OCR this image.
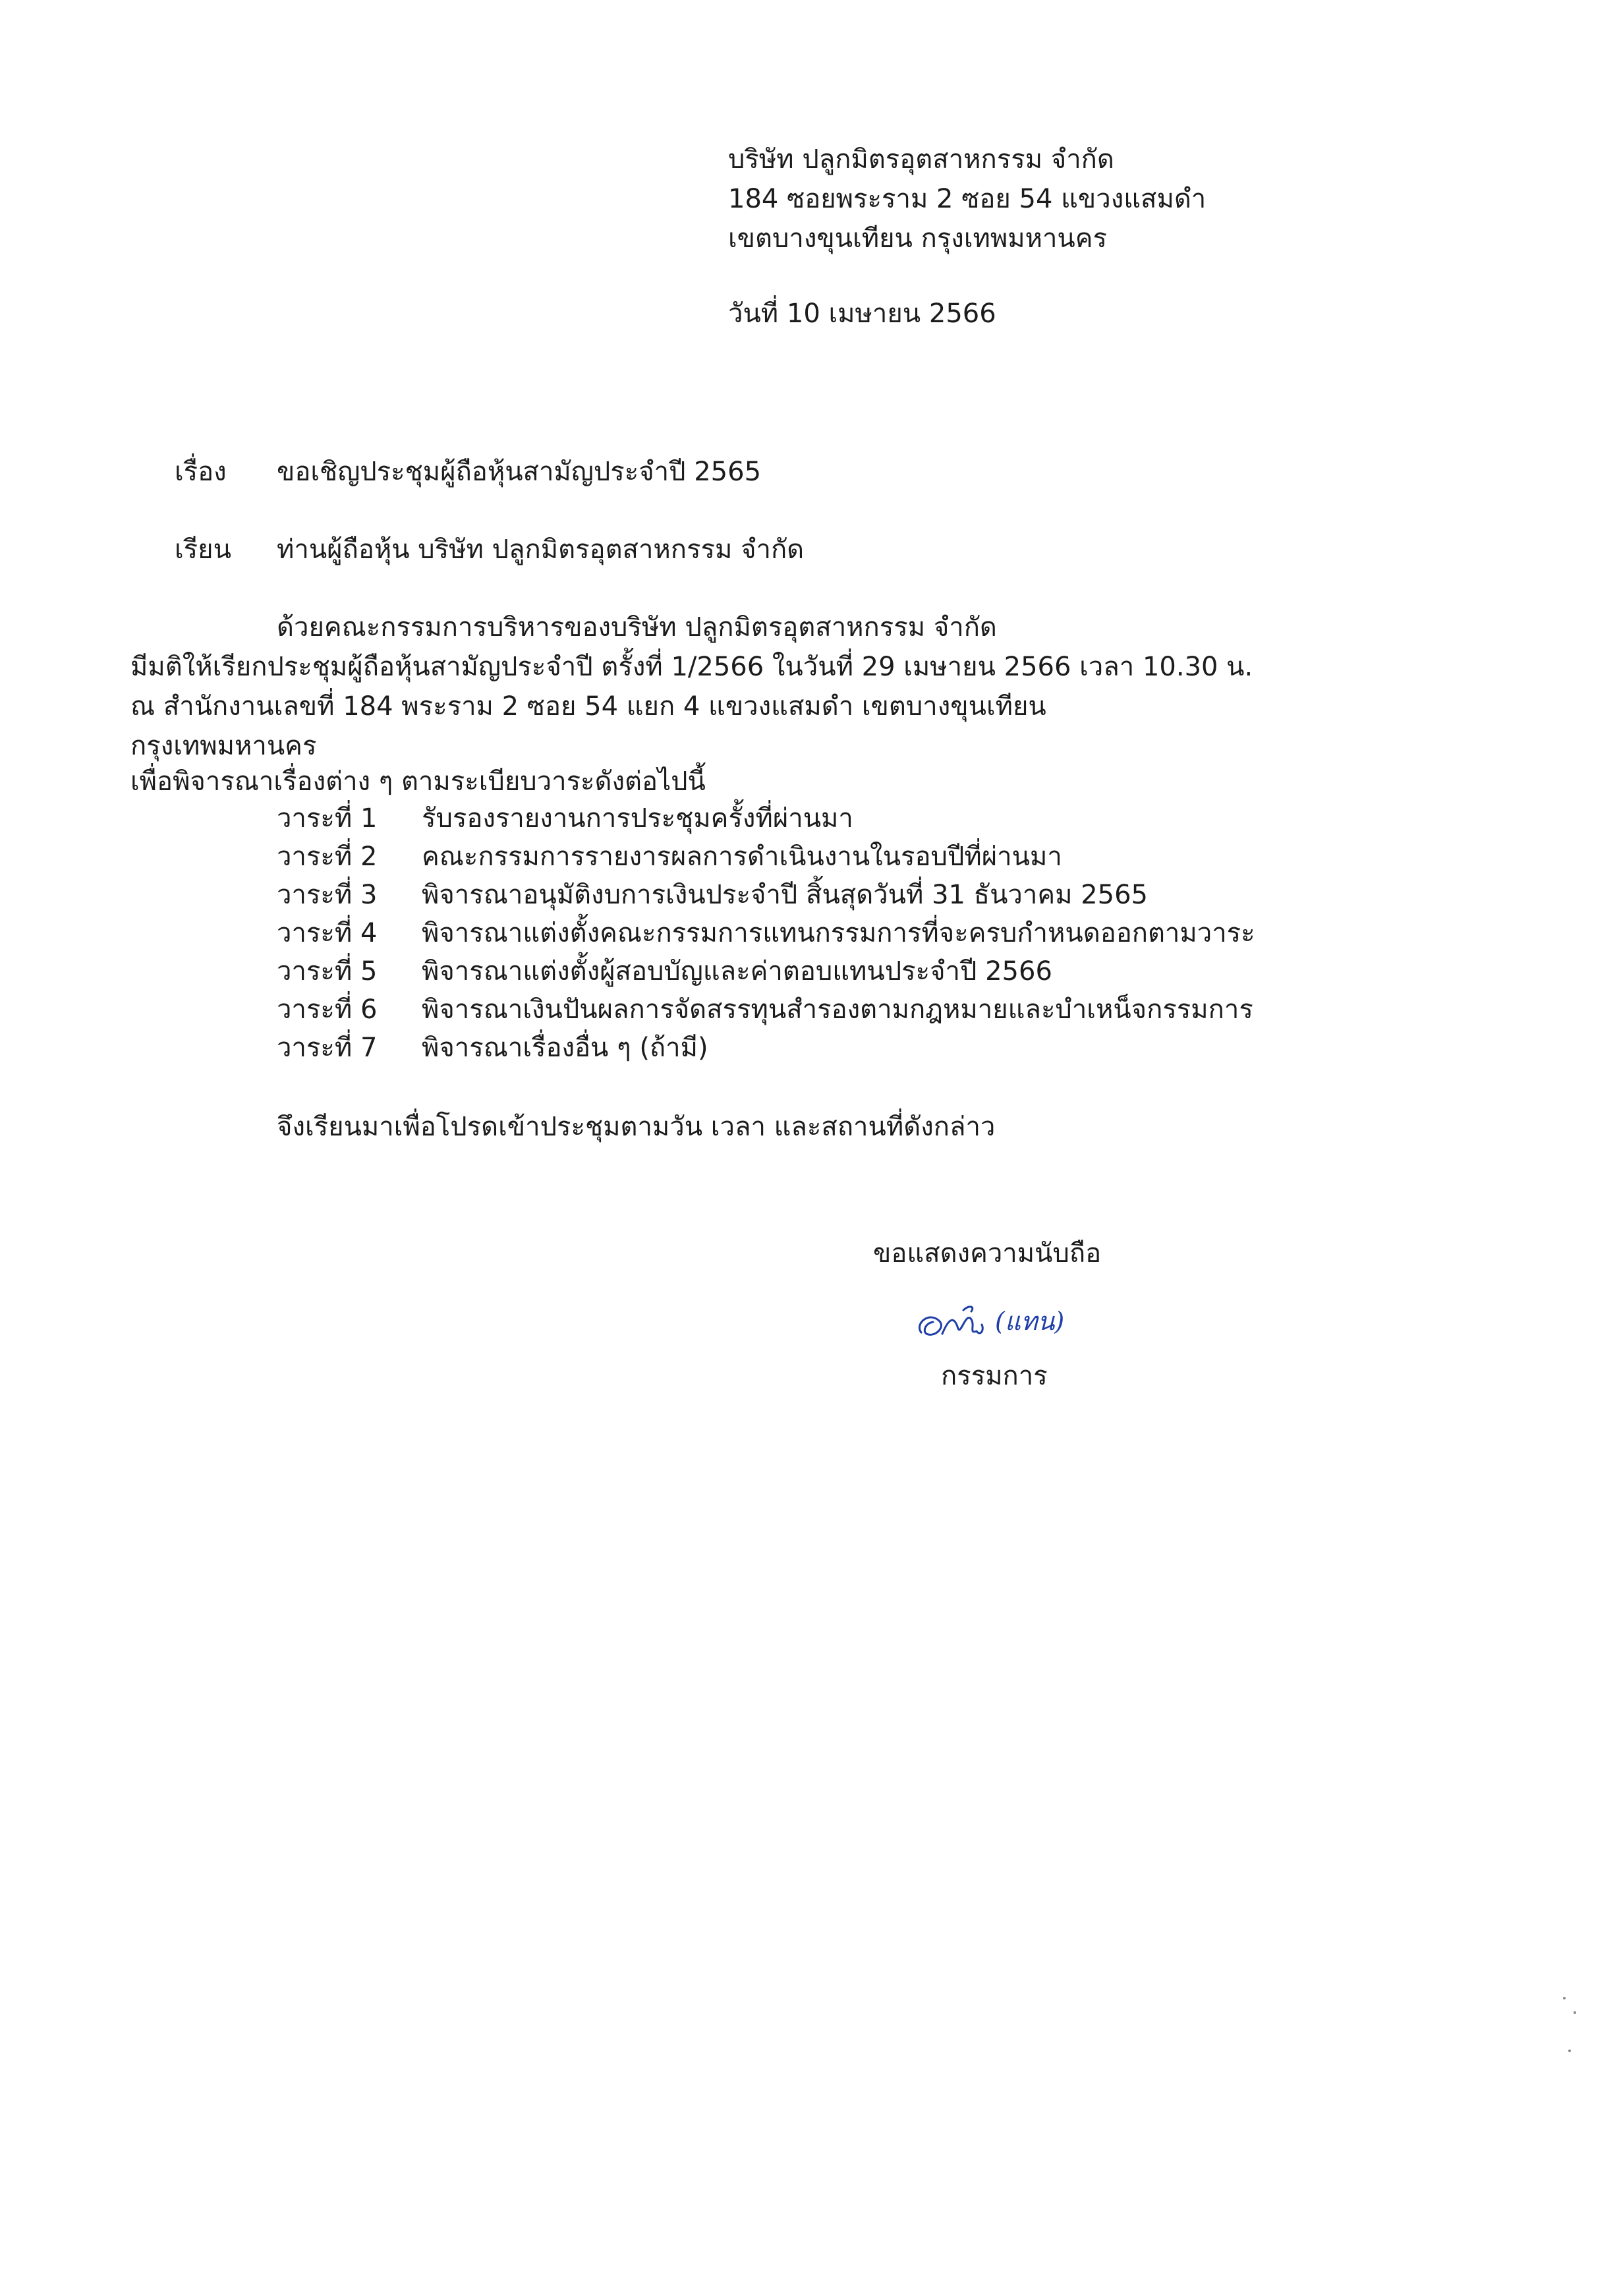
บริษัท ปลูกมิตรอุตสาหกรรม จำกัด
184 ซอยพระราม 2 ซอย 54 แขวงแสมดำ
เขตบางขุนเทียน กรุงเทพมหานคร
วันที่ 10 เมษายน 2566
เรื่อง ขอเชิญประชุมผู้ถือหุ้นสามัญประจำปี 2565
เรียน ท่านผู้ถือหุ้น บริษัท ปลูกมิตรอุตสาหกรรม จำกัด
ด้วยคณะกรรมการบริหารของบริษัท ปลูกมิตรอุตสาหกรรม จำกัด
มีมติให้เรียกประชุมผู้ถือหุ้นสามัญประจำปี ตรั้งที่ 1/2566 ในวันที่ 29 เมษายน 2566 เวลา 10.30 น.
ณ สำนักงานเลขที่ 184 พระราม 2 ซอย 54 แยก 4 แขวงแสมดำ เขตบางขุนเทียน
กรุงเทพมหานคร
เพื่อพิจารณาเรื่องต่าง ๆ ตามระเบียบวาระดังต่อไปนี้
วาระที่ 1 รับรองรายงานการประชุมครั้งที่ผ่านมา
วาระที่ 2 คณะกรรมการรายงารผลการดำเนินงานในรอบปีที่ผ่านมา
วาระที่ 3 พิจารณาอนุมัติงบการเงินประจำปี สิ้นสุดวันที่ 31 ธันวาคม 2565
วาระที่ 4 พิจารณาแต่งตั้งคณะกรรมการแทนกรรมการที่จะครบกำหนดออกตามวาระ
วาระที่ 5 พิจารณาแต่งตั้งผู้สอบบัญและค่าตอบแทนประจำปี 2566
วาระที่ 6 พิจารณาเงินปันผลการจัดสรรทุนสำรองตามกฎหมายและบำเหน็จกรรมการ
วาระที่ 7 พิจารณาเรื่องอื่น ๆ (ถ้ามี)
จึงเรียนมาเพื่อโปรดเข้าประชุมตามวัน เวลา และสถานที่ดังกล่าว
ขอแสดงความนับถือ
(แทน)
กรรมการ
